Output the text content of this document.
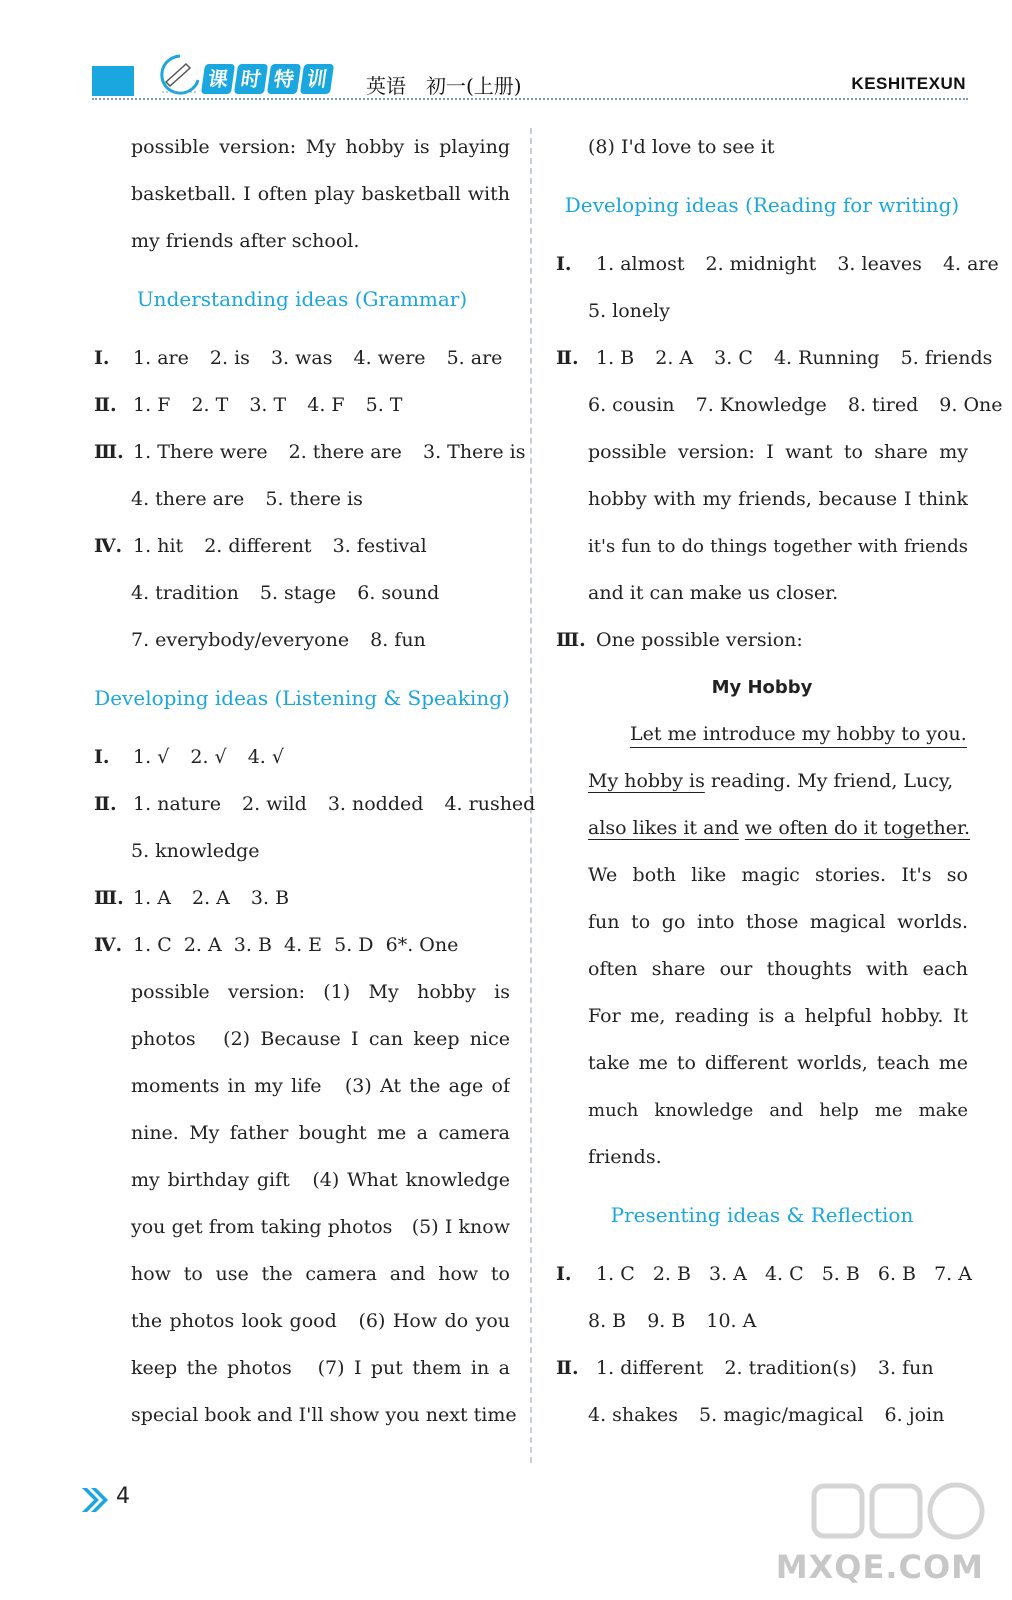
课 时 特 训 英语　初一(上册)	KESHITEXUN
possible version: My hobby is playing
basketball. I often play basketball with
my friends after school.
Understanding ideas (Grammar)
Ⅰ. 1. are 2. is 3. was 4. were 5. are
Ⅱ. 1. F 2. T 3. T 4. F 5. T
Ⅲ. 1. There were 2. there are 3. There is
4. there are 5. there is
Ⅳ. 1. hit 2. different 3. festival
4. tradition 5. stage 6. sound
7. everybody/everyone 8. fun
Developing ideas (Listening & Speaking)
Ⅰ. 1. √ 2. √ 4. √
Ⅱ. 1. nature 2. wild 3. nodded 4. rushed
5. knowledge
Ⅲ. 1. A 2. A 3. B
Ⅳ. 1. C  2. A  3. B  4. E  5. D  6*. One
possible version: (1) My hobby is
photos　(2) Because I can keep nice
moments in my life　(3) At the age of
nine. My father bought me a camera
my birthday gift　(4) What knowledge
you get from taking photos　(5) I know
how to use the camera and how to
the photos look good　(6) How do you
keep the photos　(7) I put them in a
special book and I'll show you next time
(8) I'd love to see it
Developing ideas (Reading for writing)
Ⅰ. 1. almost 2. midnight 3. leaves 4. are
5. lonely
Ⅱ. 1. B 2. A 3. C 4. Running 5. friends
6. cousin 7. Knowledge 8. tired 9. One
possible version: I want to share my
hobby with my friends, because I think
it's fun to do things together with friends
and it can make us closer.
Ⅲ. One possible version:
My Hobby
Let me introduce my hobby to you.
My hobby is reading. My friend, Lucy,
also likes it and we often do it together.
We both like magic stories. It's so
fun to go into those magical worlds.
often share our thoughts with each
For me, reading is a helpful hobby. It
take me to different worlds, teach me
much knowledge and help me make
friends.
Presenting ideas & Reflection
Ⅰ. 1. C 2. B 3. A 4. C 5. B 6. B 7. A
8. B 9. B 10. A
Ⅱ. 1. different 2. tradition(s) 3. fun
4. shakes 5. magic/magical 6. join
4
MXQE.COM
